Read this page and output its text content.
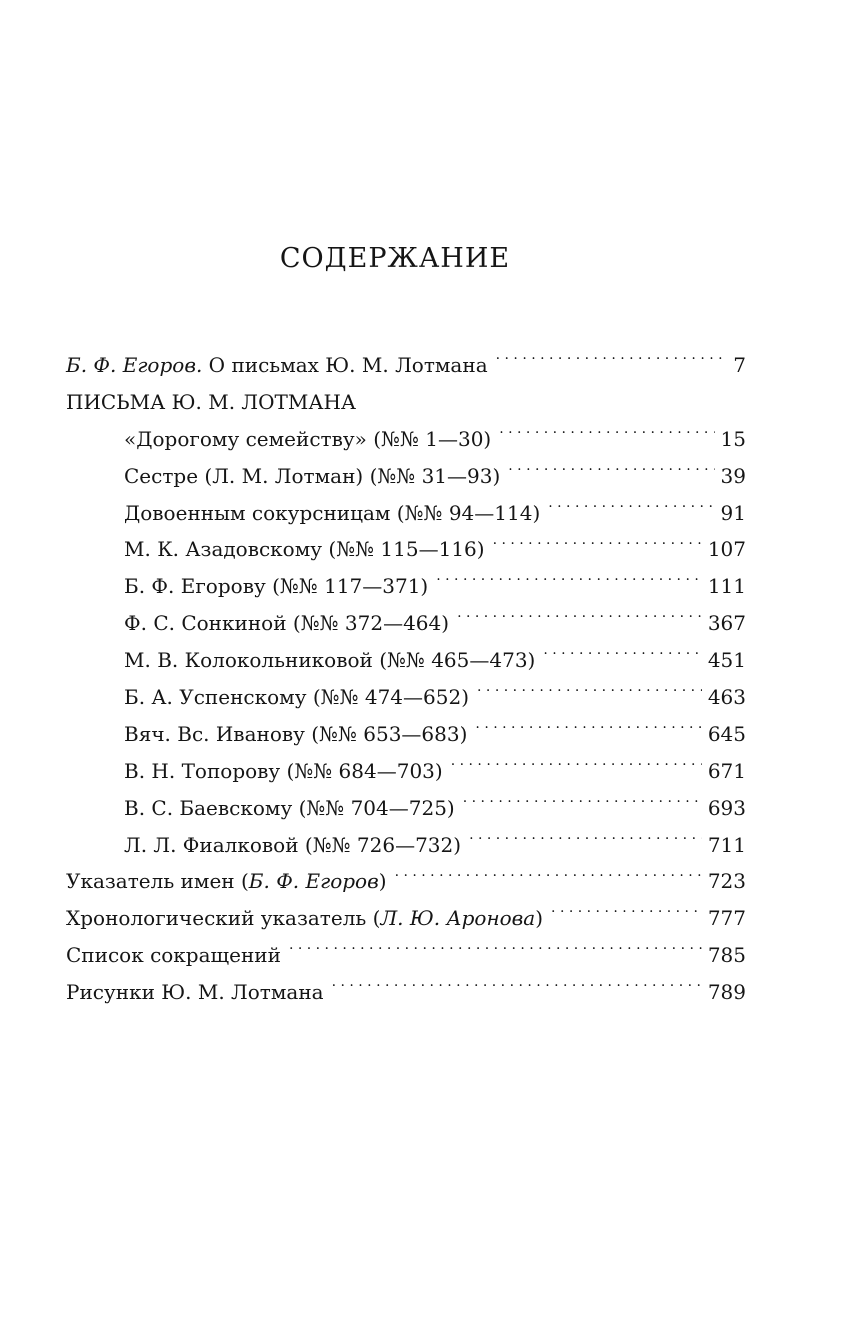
СОДЕРЖАНИЕ
Б. Ф. Егоров. О письмах Ю. М. Лотмана . . .	7
ПИСЬМА Ю. М. ЛОТМАНА
«Дорогому семейству» (№№ 1—30) . . .	15
Сестре (Л. М. Лотман) (№№ 31—93) . . .	39
Довоенным сокурсницам (№№ 94—114) . . .	91
М. К. Азадовскому (№№ 115—116) . . .	107
Б. Ф. Егорову (№№ 117—371) . . .	111
Ф. С. Сонкиной (№№ 372—464) . . .	367
М. В. Колокольниковой (№№ 465—473) . . .	451
Б. А. Успенскому (№№ 474—652) . . .	463
Вяч. Вс. Иванову (№№ 653—683) . . .	645
В. Н. Топорову (№№ 684—703) . . .	671
В. С. Баевскому (№№ 704—725) . . .	693
Л. Л. Фиалковой (№№ 726—732) . . .	711
Указатель имен (Б. Ф. Егоров) . . .	723
Хронологический указатель (Л. Ю. Аронова) . . .	777
Список сокращений . . .	785
Рисунки Ю. М. Лотмана . . .	789
